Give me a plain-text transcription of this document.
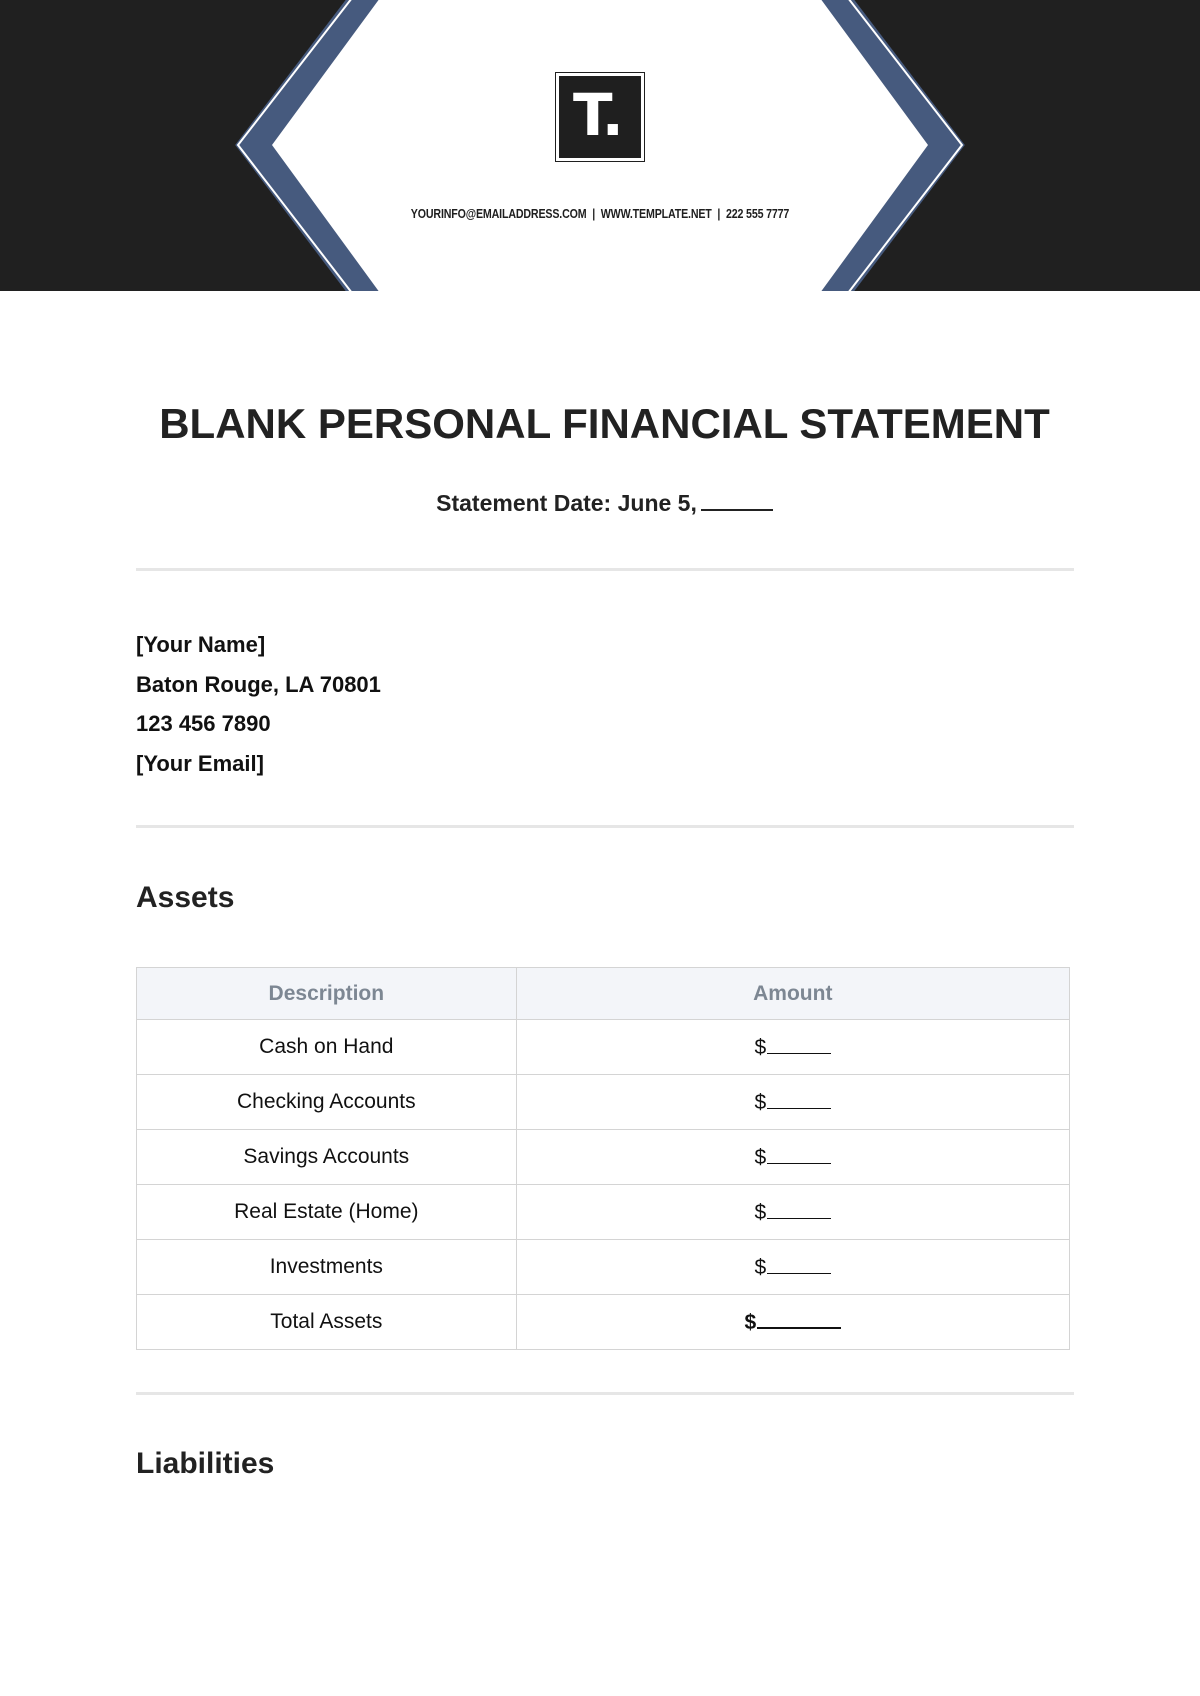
T.
YOURINFO@EMAILADDRESS.COM | WWW.TEMPLATE.NET | 222 555 7777
BLANK PERSONAL FINANCIAL STATEMENT
Statement Date: June 5,
[Your Name]
Baton Rouge, LA 70801
123 456 7890
[Your Email]
Assets
Description	Amount
Cash on Hand	$
Checking Accounts	$
Savings Accounts	$
Real Estate (Home)	$
Investments	$
Total Assets	$
Liabilities
